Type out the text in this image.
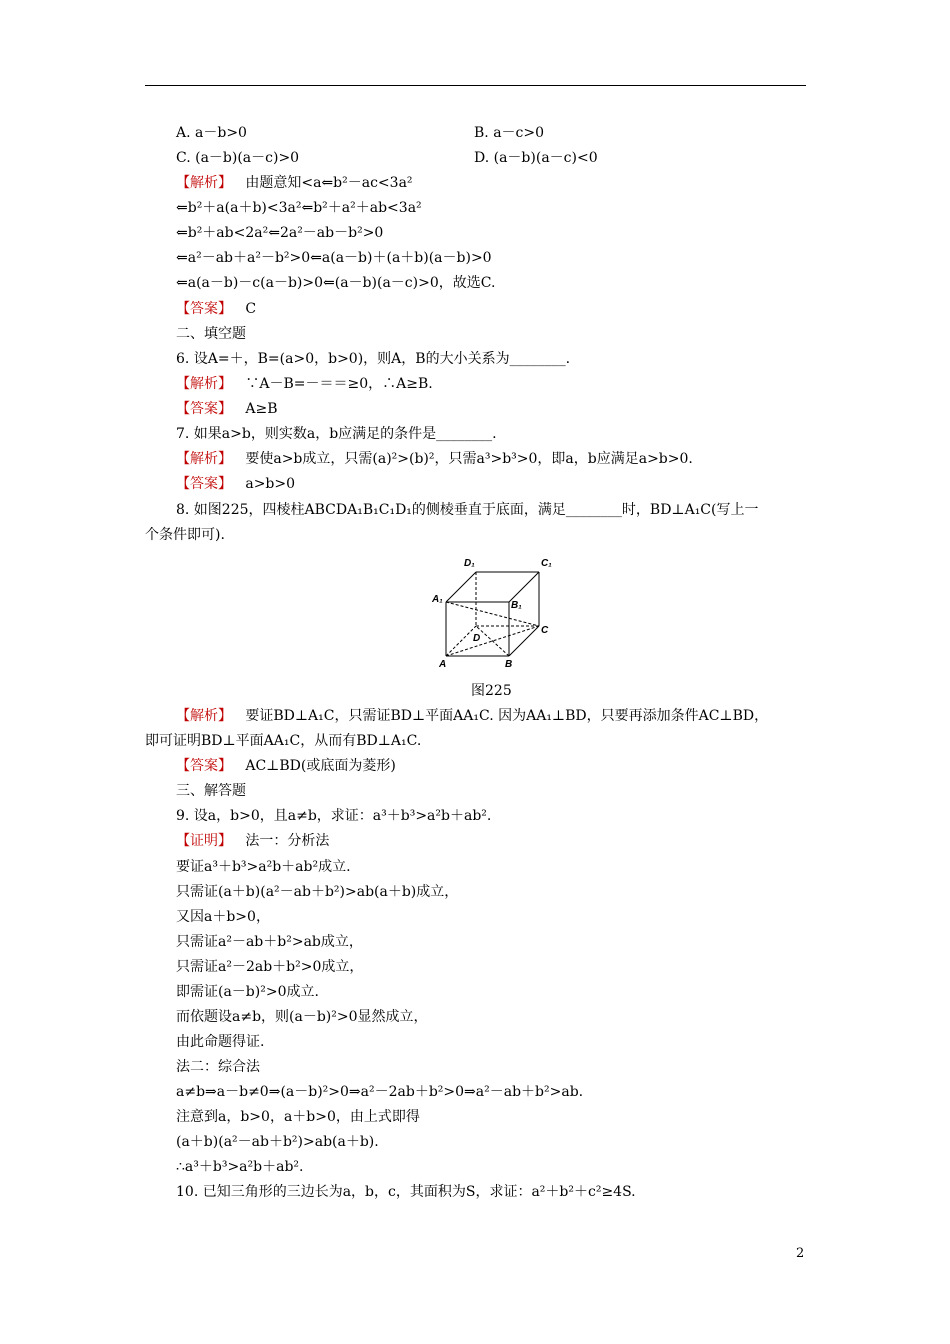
A. a－b>0	B. a－c>0
C. (a－b)(a－c)>0	D. (a－b)(a－c)<0
【解析】 由题意知<a⇐b²－ac<3a²
⇐b²＋a(a＋b)<3a²⇐b²＋a²＋ab<3a²
⇐b²＋ab<2a²⇐2a²－ab－b²>0
⇐a²－ab＋a²－b²>0⇐a(a－b)＋(a＋b)(a－b)>0
⇐a(a－b)－c(a－b)>0⇐(a－b)(a－c)>0，故选C.
【答案】 C
二、填空题
6. 设A=＋，B=(a>0，b>0)，则A，B的大小关系为________.
【解析】 ∵A－B=－＝＝≥0，∴A≥B.
【答案】 A≥B
7. 如果a>b，则实数a，b应满足的条件是________.
【解析】 要使a>b成立，只需(a)²>(b)²，只需a³>b³>0，即a，b应满足a>b>0.
【答案】 a>b>0
8. 如图225，四棱柱ABCDA₁B₁C₁D₁的侧棱垂直于底面，满足________时，BD⊥A₁C(写上一
个条件即可).
D₁	C₁
A₁
B₁
D
C
A	B
图225
【解析】 要证BD⊥A₁C，只需证BD⊥平面AA₁C. 因为AA₁⊥BD，只要再添加条件AC⊥BD，
即可证明BD⊥平面AA₁C，从而有BD⊥A₁C.
【答案】 AC⊥BD(或底面为菱形)
三、解答题
9. 设a，b>0，且a≠b，求证：a³＋b³>a²b＋ab².
【证明】 法一：分析法
要证a³＋b³>a²b＋ab²成立.
只需证(a＋b)(a²－ab＋b²)>ab(a＋b)成立，
又因a＋b>0，
只需证a²－ab＋b²>ab成立，
只需证a²－2ab＋b²>0成立，
即需证(a－b)²>0成立.
而依题设a≠b，则(a－b)²>0显然成立，
由此命题得证.
法二：综合法
a≠b⇒a－b≠0⇒(a－b)²>0⇒a²－2ab＋b²>0⇒a²－ab＋b²>ab.
注意到a，b>0，a＋b>0，由上式即得
(a＋b)(a²－ab＋b²)>ab(a＋b).
∴a³＋b³>a²b＋ab².
10. 已知三角形的三边长为a，b，c，其面积为S，求证：a²＋b²＋c²≥4S.
2
